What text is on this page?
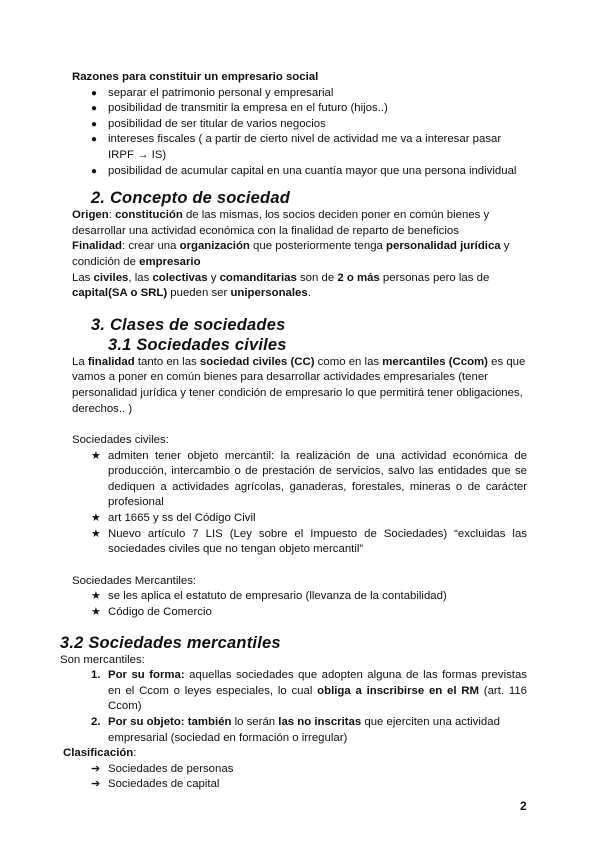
Razones para constituir un empresario social

● separar el patrimonio personal y empresarial
● posibilidad de transmitir la empresa en el futuro (hijos..)
● posibilidad de ser titular de varios negocios
● intereses fiscales ( a partir de cierto nivel de actividad me va a interesar pasar IRPF → IS)
● posibilidad de acumular capital en una cuantía mayor que una persona individual
2. Concepto de sociedad

Origen: constitución de las mismas, los socios deciden poner en común bienes y desarrollar una actividad económica con la finalidad de reparto de beneficios

Finalidad: crear una organización que posteriormente tenga personalidad jurídica y condición de empresario

Las civiles, las colectivas y comanditarias son de 2 o más personas pero las de capital(SA o SRL) pueden ser unipersonales.

3. Clases de sociedades
3.1 Sociedades civiles

La finalidad tanto en las sociedad civiles (CC) como en las mercantiles (Ccom) es que vamos a poner en común bienes para desarrollar actividades empresariales (tener personalidad jurídica y tener condición de empresario lo que permitirá tener obligaciones, derechos.. )

Sociedades civiles:

★ admiten tener objeto mercantil: la realización de una actividad económica de producción, intercambio o de prestación de servicios, salvo las entidades que se dediquen a actividades agrícolas, ganaderas, forestales, mineras o de carácter profesional
★ art 1665 y ss del Código Civil
★ Nuevo artículo 7 LIS (Ley sobre el Impuesto de Sociedades) “excluidas las sociedades civiles que no tengan objeto mercantil”

Sociedades Mercantiles:

★ se les aplica el estatuto de empresario (llevanza de la contabilidad)
★ Código de Comercio
3.2 Sociedades mercantiles

Son mercantiles:

1. Por su forma: aquellas sociedades que adopten alguna de las formas previstas en el Ccom o leyes especiales, lo cual obliga a inscribirse en el RM (art. 116 Ccom)
2. Por su objeto: también lo serán las no inscritas que ejerciten una actividad empresarial (sociedad en formación o irregular)

Clasificación:

➔ Sociedades de personas
➔ Sociedades de capital
2
